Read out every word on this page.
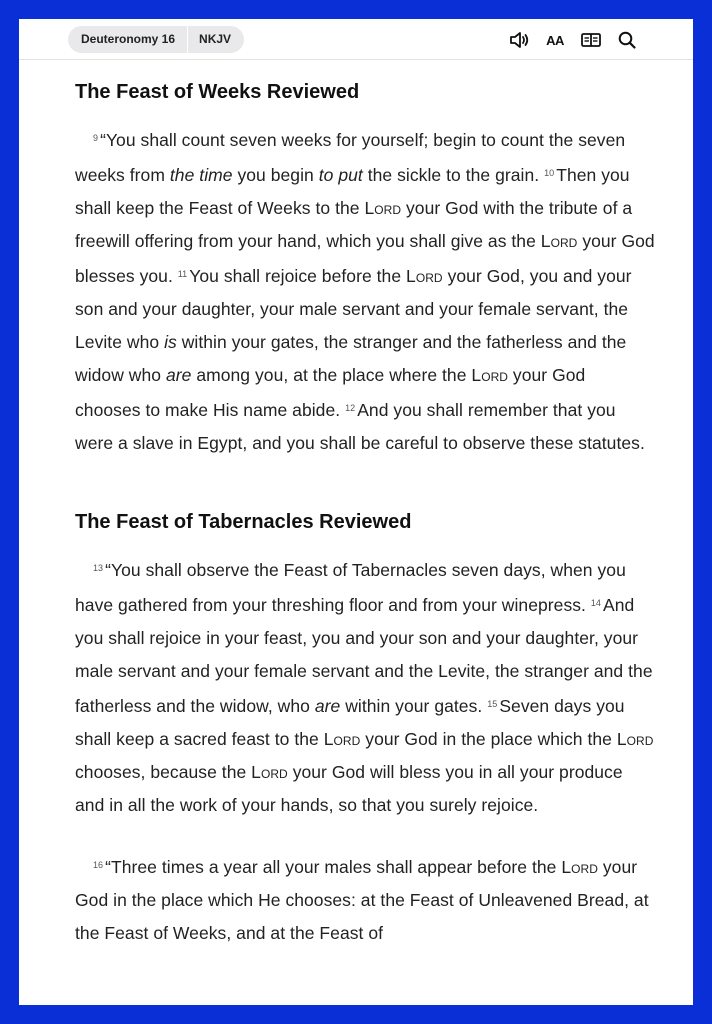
Deuteronomy 16	NKJV	AA
The Feast of Weeks Reviewed
$^9$ “You shall count seven weeks for yourself; begin to count the seven weeks from the time you begin to put the sickle to the grain. $^{10}$ Then you shall keep the Feast of Weeks to the Lord your God with the tribute of a freewill offering from your hand, which you shall give as the Lord your God blesses you. $^{11}$ You shall rejoice before the Lord your God, you and your son and your daughter, your male servant and your female servant, the Levite who is within your gates, the stranger and the fatherless and the widow who are among you, at the place where the Lord your God chooses to make His name abide. $^{12}$ And you shall remember that you were a slave in Egypt, and you shall be careful to observe these statutes.
The Feast of Tabernacles Reviewed
$^{13}$ “You shall observe the Feast of Tabernacles seven days, when you have gathered from your threshing floor and from your winepress. $^{14}$ And you shall rejoice in your feast, you and your son and your daughter, your male servant and your female servant and the Levite, the stranger and the fatherless and the widow, who are within your gates. $^{15}$ Seven days you shall keep a sacred feast to the Lord your God in the place which the Lord chooses, because the Lord your God will bless you in all your produce and in all the work of your hands, so that you surely rejoice.
$^{16}$ “Three times a year all your males shall appear before the Lord your God in the place which He chooses: at the Feast of Unleavened Bread, at the Feast of Weeks, and at the Feast of
